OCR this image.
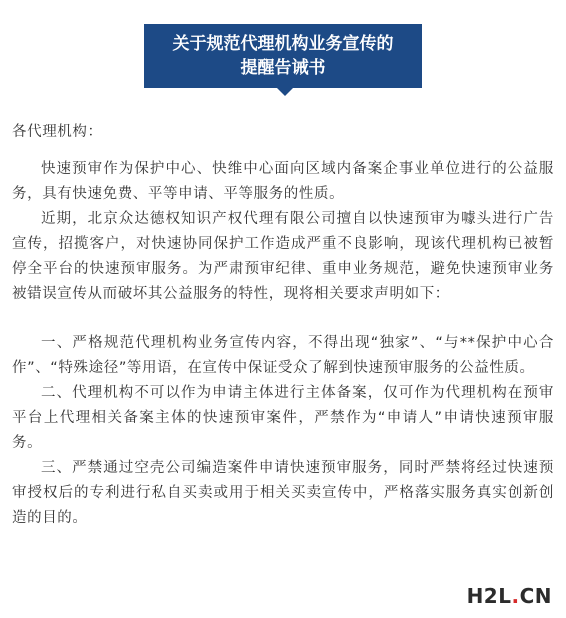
关于规范代理机构业务宣传的
提醒告诫书

各代理机构：

快速预审作为保护中心、快维中心面向区域内备案企事业单位进行的公益服务，具有快速免费、平等申请、平等服务的性质。

近期，北京众达德权知识产权代理有限公司擅自以快速预审为噱头进行广告宣传，招揽客户，对快速协同保护工作造成严重不良影响，现该代理机构已被暂停全平台的快速预审服务。为严肃预审纪律、重申业务规范，避免快速预审业务被错误宣传从而破坏其公益服务的特性，现将相关要求声明如下：

一、严格规范代理机构业务宣传内容，不得出现“独家”、“与**保护中心合作”、“特殊途径”等用语，在宣传中保证受众了解到快速预审服务的公益性质。

二、代理机构不可以作为申请主体进行主体备案，仅可作为代理机构在预审平台上代理相关备案主体的快速预审案件，严禁作为“申请人”申请快速预审服务。

三、严禁通过空壳公司编造案件申请快速预审服务，同时严禁将经过快速预审授权后的专利进行私自买卖或用于相关买卖宣传中，严格落实服务真实创新创造的目的。

H2L.CN
